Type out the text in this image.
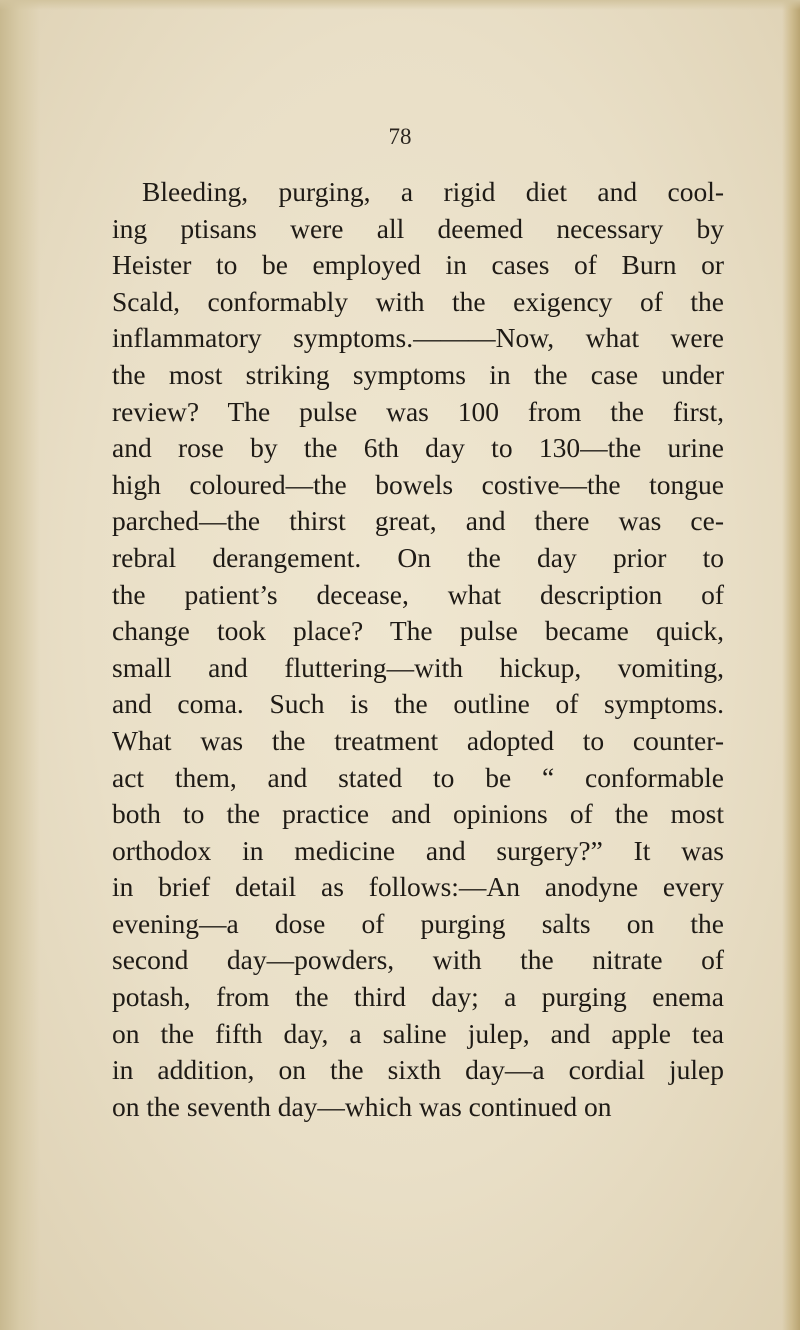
78
Bleeding, purging, a rigid diet and cool-
ing ptisans were all deemed necessary by
Heister to be employed in cases of Burn or
Scald, conformably with the exigency of the
inflammatory symptoms.———Now, what were
the most striking symptoms in the case under
review? The pulse was 100 from the first,
and rose by the 6th day to 130—the urine
high coloured—the bowels costive—the tongue
parched—the thirst great, and there was ce-
rebral derangement. On the day prior to
the patient’s decease, what description of
change took place? The pulse became quick,
small and fluttering—with hickup, vomiting,
and coma. Such is the outline of symptoms.
What was the treatment adopted to counter-
act them, and stated to be “ conformable
both to the practice and opinions of the most
orthodox in medicine and surgery?” It was
in brief detail as follows:—An anodyne every
evening—a dose of purging salts on the
second day—powders, with the nitrate of
potash, from the third day; a purging enema
on the fifth day, a saline julep, and apple tea
in addition, on the sixth day—a cordial julep
on the seventh day—which was continued on
